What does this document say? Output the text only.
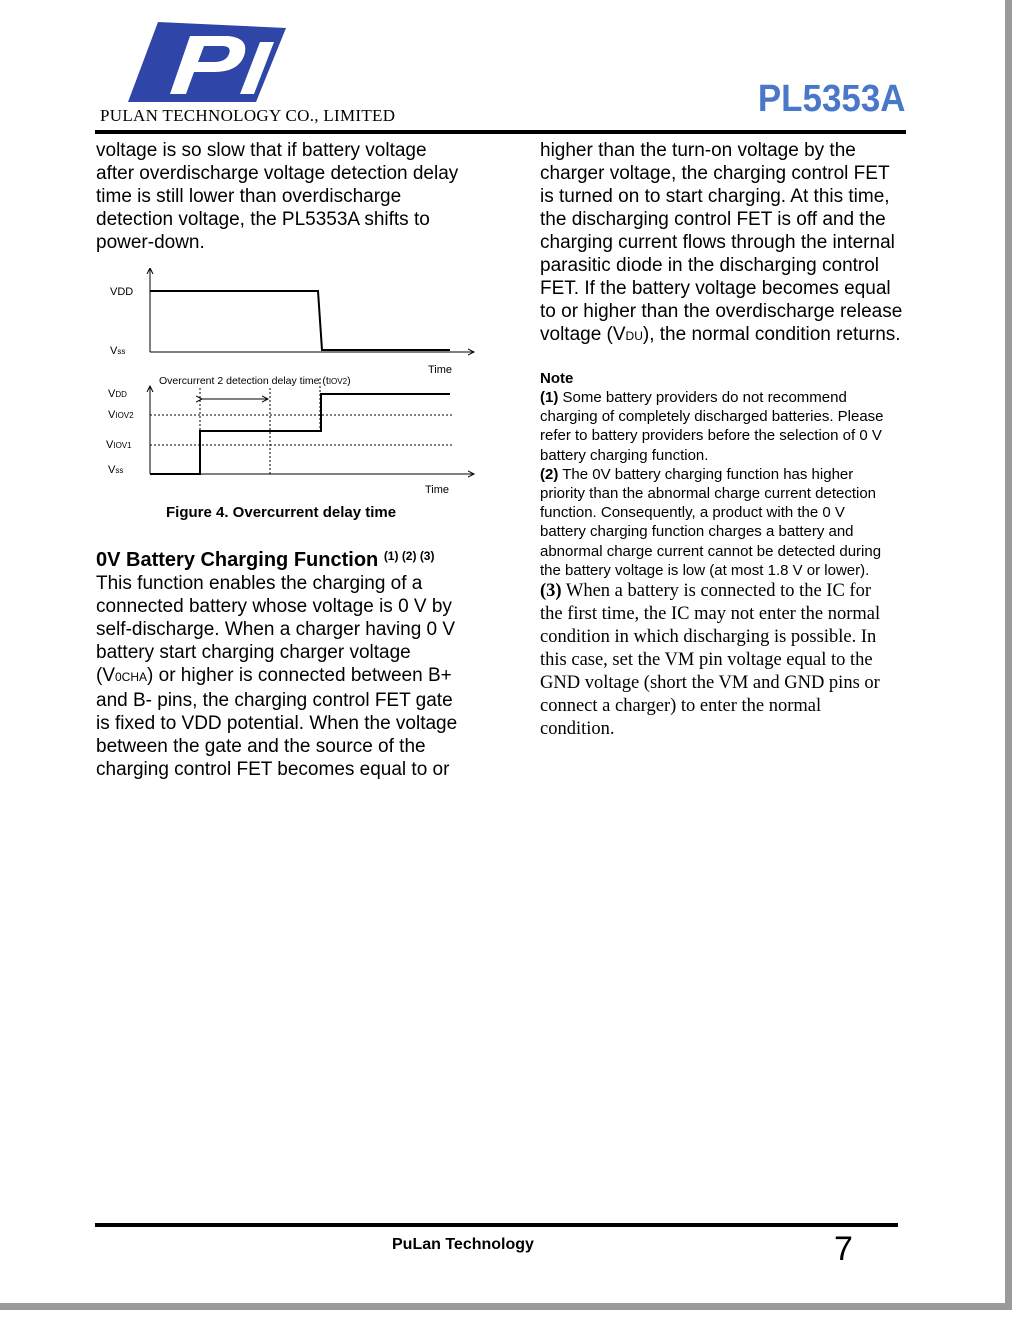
PULAN TECHNOLOGY CO., LIMITED	PL5353A

voltage is so slow that if battery voltage
after overdischarge voltage detection delay
time is still lower than overdischarge
detection voltage, the PL5353A shifts to
power-down.

VDD
Vss
Time
Overcurrent 2 detection delay time (tIOV2)
VDD
VIOV2
VIOV1
Vss
Time
Figure 4. Overcurrent delay time
0V Battery Charging Function $^{(1) (2) (3)}$

This function enables the charging of a
connected battery whose voltage is 0 V by
self-discharge. When a charger having 0 V
battery start charging charger voltage
(V0CHA) or higher is connected between B+
and B- pins, the charging control FET gate
is fixed to VDD potential. When the voltage
between the gate and the source of the
charging control FET becomes equal to or

higher than the turn-on voltage by the
charger voltage, the charging control FET
is turned on to start charging. At this time,
the discharging control FET is off and the
charging current flows through the internal
parasitic diode in the discharging control
FET. If the battery voltage becomes equal
to or higher than the overdischarge release
voltage (VDU), the normal condition returns.

Note

(1) Some battery providers do not recommend
charging of completely discharged batteries. Please
refer to battery providers before the selection of 0 V
battery charging function.

(2) The 0V battery charging function has higher
priority than the abnormal charge current detection
function. Consequently, a product with the 0 V
battery charging function charges a battery and
abnormal charge current cannot be detected during
the battery voltage is low (at most 1.8 V or lower).

(3) When a battery is connected to the IC for
the first time, the IC may not enter the normal
condition in which discharging is possible. In
this case, set the VM pin voltage equal to the
GND voltage (short the VM and GND pins or
connect a charger) to enter the normal
condition.

PuLan Technology	7
